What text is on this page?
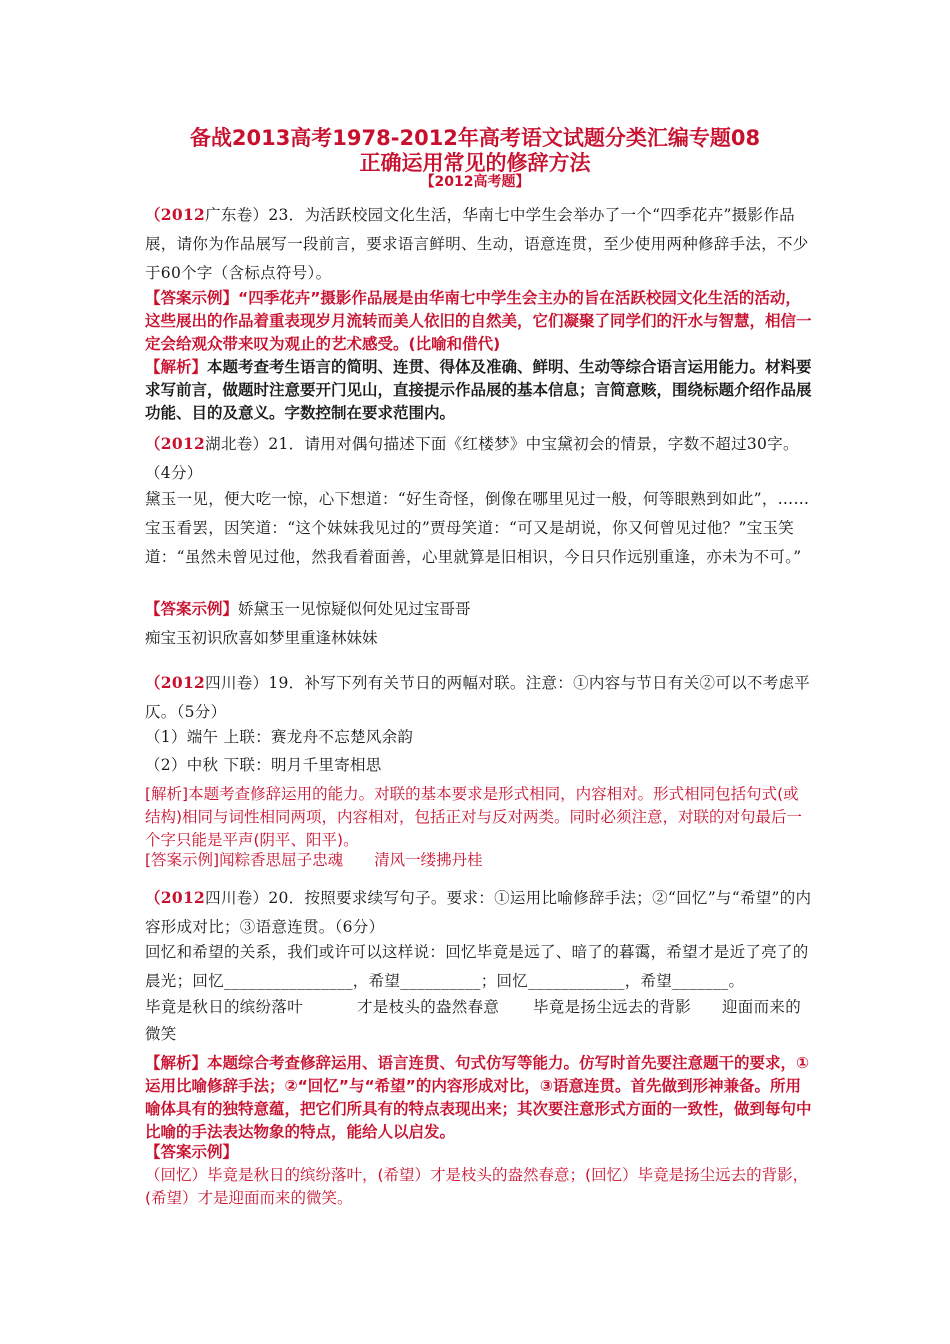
备战2013高考1978-2012年高考语文试题分类汇编专题08
正确运用常见的修辞方法
【2012高考题】
（2012广东卷）23．为活跃校园文化生活，华南七中学生会举办了一个“四季花卉”摄影作品展，请你为作品展写一段前言，要求语言鲜明、生动，语意连贯，至少使用两种修辞手法，不少于60个字（含标点符号）。
【答案示例】“四季花卉”摄影作品展是由华南七中学生会主办的旨在活跃校园文化生活的活动， 这些展出的作品着重表现岁月流转而美人依旧的自然美，它们凝聚了同学们的汗水与智慧，相信一定会给观众带来叹为观止的艺术感受。(比喻和借代)
【解析】本题考查考生语言的简明、连贯、得体及准确、鲜明、生动等综合语言运用能力。材料要求写前言，做题时注意要开门见山，直接提示作品展的基本信息；言简意赅，围绕标题介绍作品展功能、目的及意义。字数控制在要求范围内。
（2012湖北卷）21．请用对偶句描述下面《红楼梦》中宝黛初会的情景，字数不超过30字。（4分）
黛玉一见，便大吃一惊，心下想道：“好生奇怪，倒像在哪里见过一般，何等眼熟到如此”，……宝玉看罢，因笑道：“这个妹妹我见过的”贾母笑道：“可又是胡说，你又何曾见过他？”宝玉笑道：“虽然未曾见过他，然我看着面善，心里就算是旧相识，今日只作远别重逢，亦未为不可。”
【答案示例】娇黛玉一见惊疑似何处见过宝哥哥
痴宝玉初识欣喜如梦里重逢林妹妹
（2012四川卷）19．补写下列有关节日的两幅对联。注意：①内容与节日有关②可以不考虑平仄。（5分）
（1）端午 上联：赛龙舟不忘楚风余韵
（2）中秋 下联：明月千里寄相思
[解析]本题考查修辞运用的能力。对联的基本要求是形式相同，内容相对。形式相同包括句式(或结构)相同与词性相同两项，内容相对，包括正对与反对两类。同时必须注意，对联的对句最后一个字只能是平声(阴平、阳平)。
[答案示例]闻粽香思屈子忠魂　　清风一缕拂丹桂
（2012四川卷）20．按照要求续写句子。要求：①运用比喻修辞手法；②“回忆”与“希望”的内容形成对比；③语意连贯。（6分）
回忆和希望的关系，我们或许可以这样说：回忆毕竟是远了、暗了的暮霭，希望才是近了亮了的晨光；回忆________________，希望__________；回忆____________，希望_______。
毕竟是秋日的缤纷落叶	才是枝头的盎然春意 毕竟是扬尘远去的背影 迎面而来的
微笑
【解析】本题综合考查修辞运用、语言连贯、句式仿写等能力。仿写时首先要注意题干的要求，①运用比喻修辞手法；②“回忆”与“希望”的内容形成对比，③语意连贯。首先做到形神兼备。所用喻体具有的独特意蕴，把它们所具有的特点表现出来；其次要注意形式方面的一致性，做到每句中比喻的手法表达物象的特点，能给人以启发。
【答案示例】
（回忆）毕竟是秋日的缤纷落叶，(希望）才是枝头的盎然春意；(回忆）毕竟是扬尘远去的背影，(希望）才是迎面而来的微笑。
